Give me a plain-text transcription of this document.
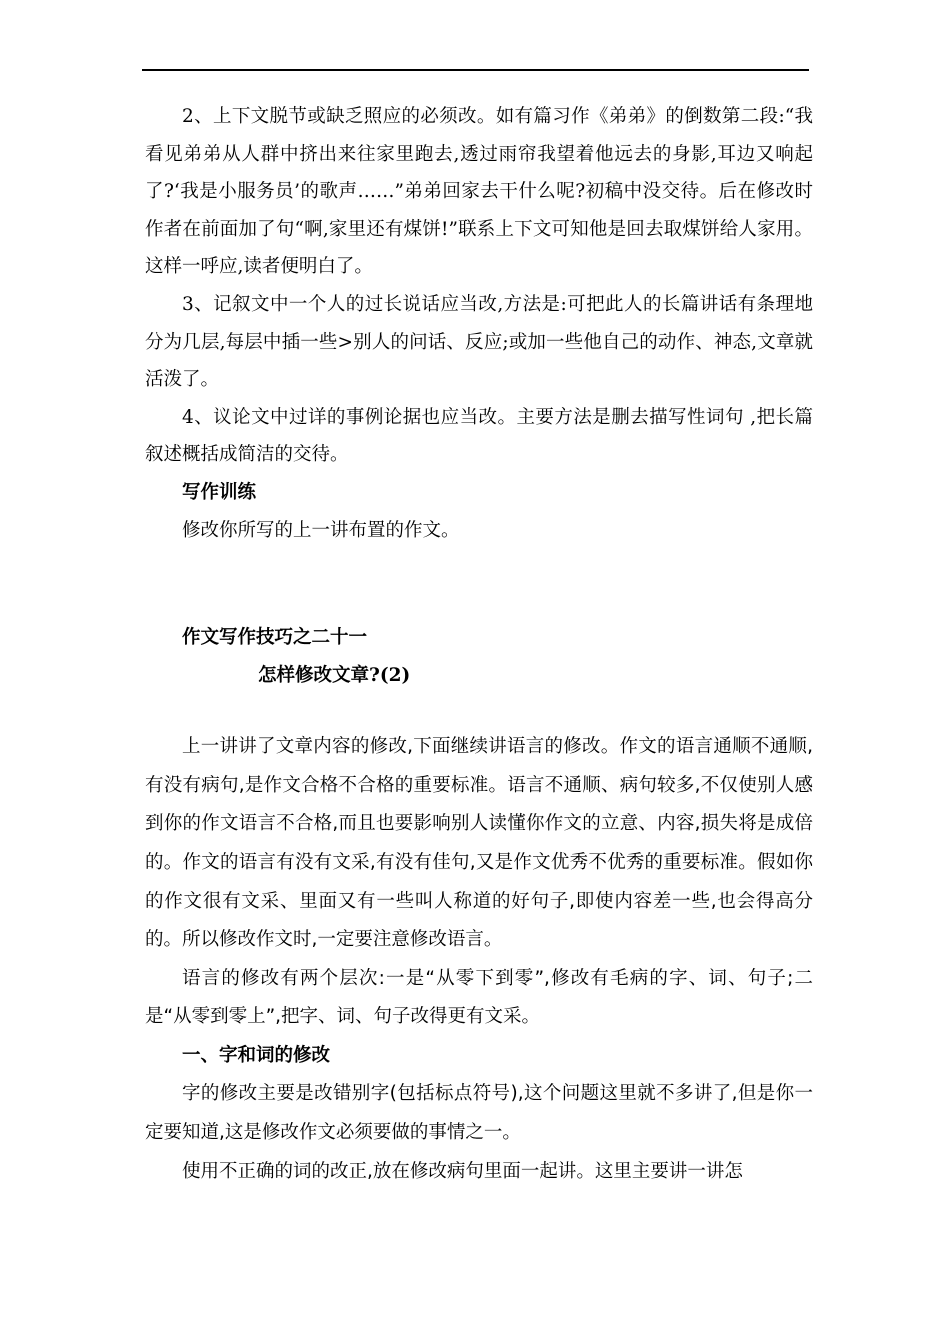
2、上下文脱节或缺乏照应的必须改。如有篇习作《弟弟》的倒数第二段:“我看见弟弟从人群中挤出来往家里跑去,透过雨帘我望着他远去的身影,耳边又响起了?‘我是小服务员’的歌声……”弟弟回家去干什么呢?初稿中没交待。后在修改时作者在前面加了句“啊,家里还有煤饼!”联系上下文可知他是回去取煤饼给人家用。这样一呼应,读者便明白了。

3、记叙文中一个人的过长说话应当改,方法是:可把此人的长篇讲话有条理地分为几层,每层中插一些>别人的问话、反应;或加一些他自己的动作、神态,文章就活泼了。

4、议论文中过详的事例论据也应当改。主要方法是删去描写性词句 ,把长篇叙述概括成简洁的交待。

写作训练

修改你所写的上一讲布置的作文。

作文写作技巧之二十一

怎样修改文章?(2)

上一讲讲了文章内容的修改,下面继续讲语言的修改。作文的语言通顺不通顺,有没有病句,是作文合格不合格的重要标准。语言不通顺、病句较多,不仅使别人感到你的作文语言不合格,而且也要影响别人读懂你作文的立意、内容,损失将是成倍的。作文的语言有没有文采,有没有佳句,又是作文优秀不优秀的重要标准。假如你的作文很有文采、里面又有一些叫人称道的好句子,即使内容差一些,也会得高分的。所以修改作文时,一定要注意修改语言。

语言的修改有两个层次:一是“从零下到零”,修改有毛病的字、词、句子;二是“从零到零上”,把字、词、句子改得更有文采。

一、字和词的修改

字的修改主要是改错别字(包括标点符号),这个问题这里就不多讲了,但是你一定要知道,这是修改作文必须要做的事情之一。

使用不正确的词的改正,放在修改病句里面一起讲。这里主要讲一讲怎
